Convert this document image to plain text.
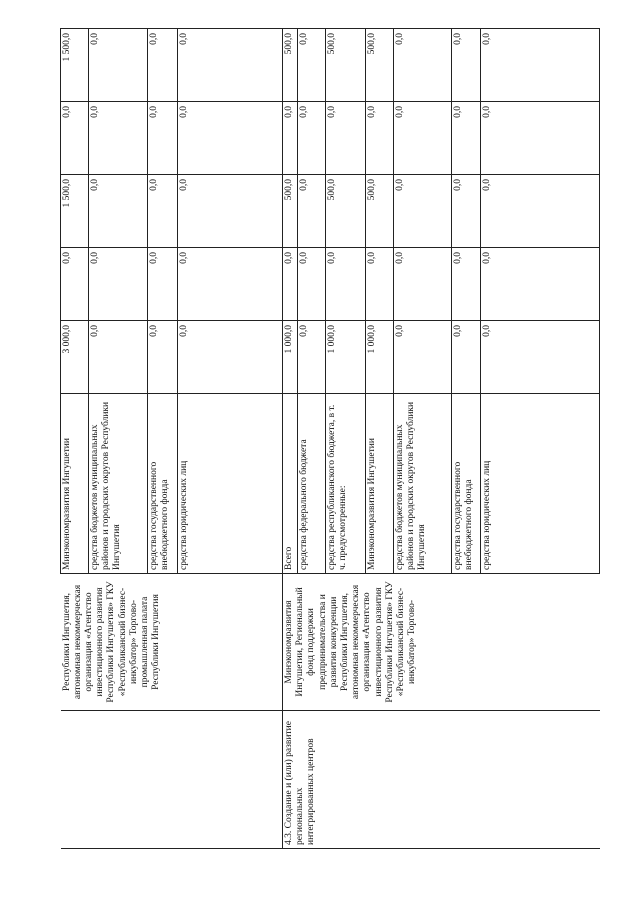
	Республики Ингушетия, автономная некоммерческая организация «Агентство инвестиционного развития Республики Ингушетия» ГКУ «Республиканский бизнес-инкубатор» Торгово-промышленная палата Республики Ингушетия	Минэкономразвития Ингушетии	3 000,0	0,0	1 500,0	0,0	1 500,0
		средства бюджетов муниципальных районов и городских округов Республики Ингушетия	0,0	0,0	0,0	0,0	0,0
		средства государственного внебюджетного фонда	0,0	0,0	0,0	0,0	0,0
		средства юридических лиц	0,0	0,0	0,0	0,0	0,0
4.3. Создание и (или) развитие региональных интегрированных центров	Минэкономразвития Ингушетии, Региональный фонд поддержки предпринимательства и развития конкуренции Республики Ингушетия, автономная некоммерческая организация «Агентство инвестиционного развития Республики Ингушетия» ГКУ «Республиканский бизнес-инкубатор» Торгово-	Всего	1 000,0	0,0	500,0	0,0	500,0
		средства федерального бюджета	0,0	0,0	0,0	0,0	0,0
		средства республиканского бюджета, в т. ч. предусмотренные:	1 000,0	0,0	500,0	0,0	500,0
		Минэкономразвития Ингушетии	1 000,0	0,0	500,0	0,0	500,0
		средства бюджетов муниципальных районов и городских округов Республики Ингушетия	0,0	0,0	0,0	0,0	0,0
		средства государственного внебюджетного фонда	0,0	0,0	0,0	0,0	0,0
		средства юридических лиц	0,0	0,0	0,0	0,0	0,0
